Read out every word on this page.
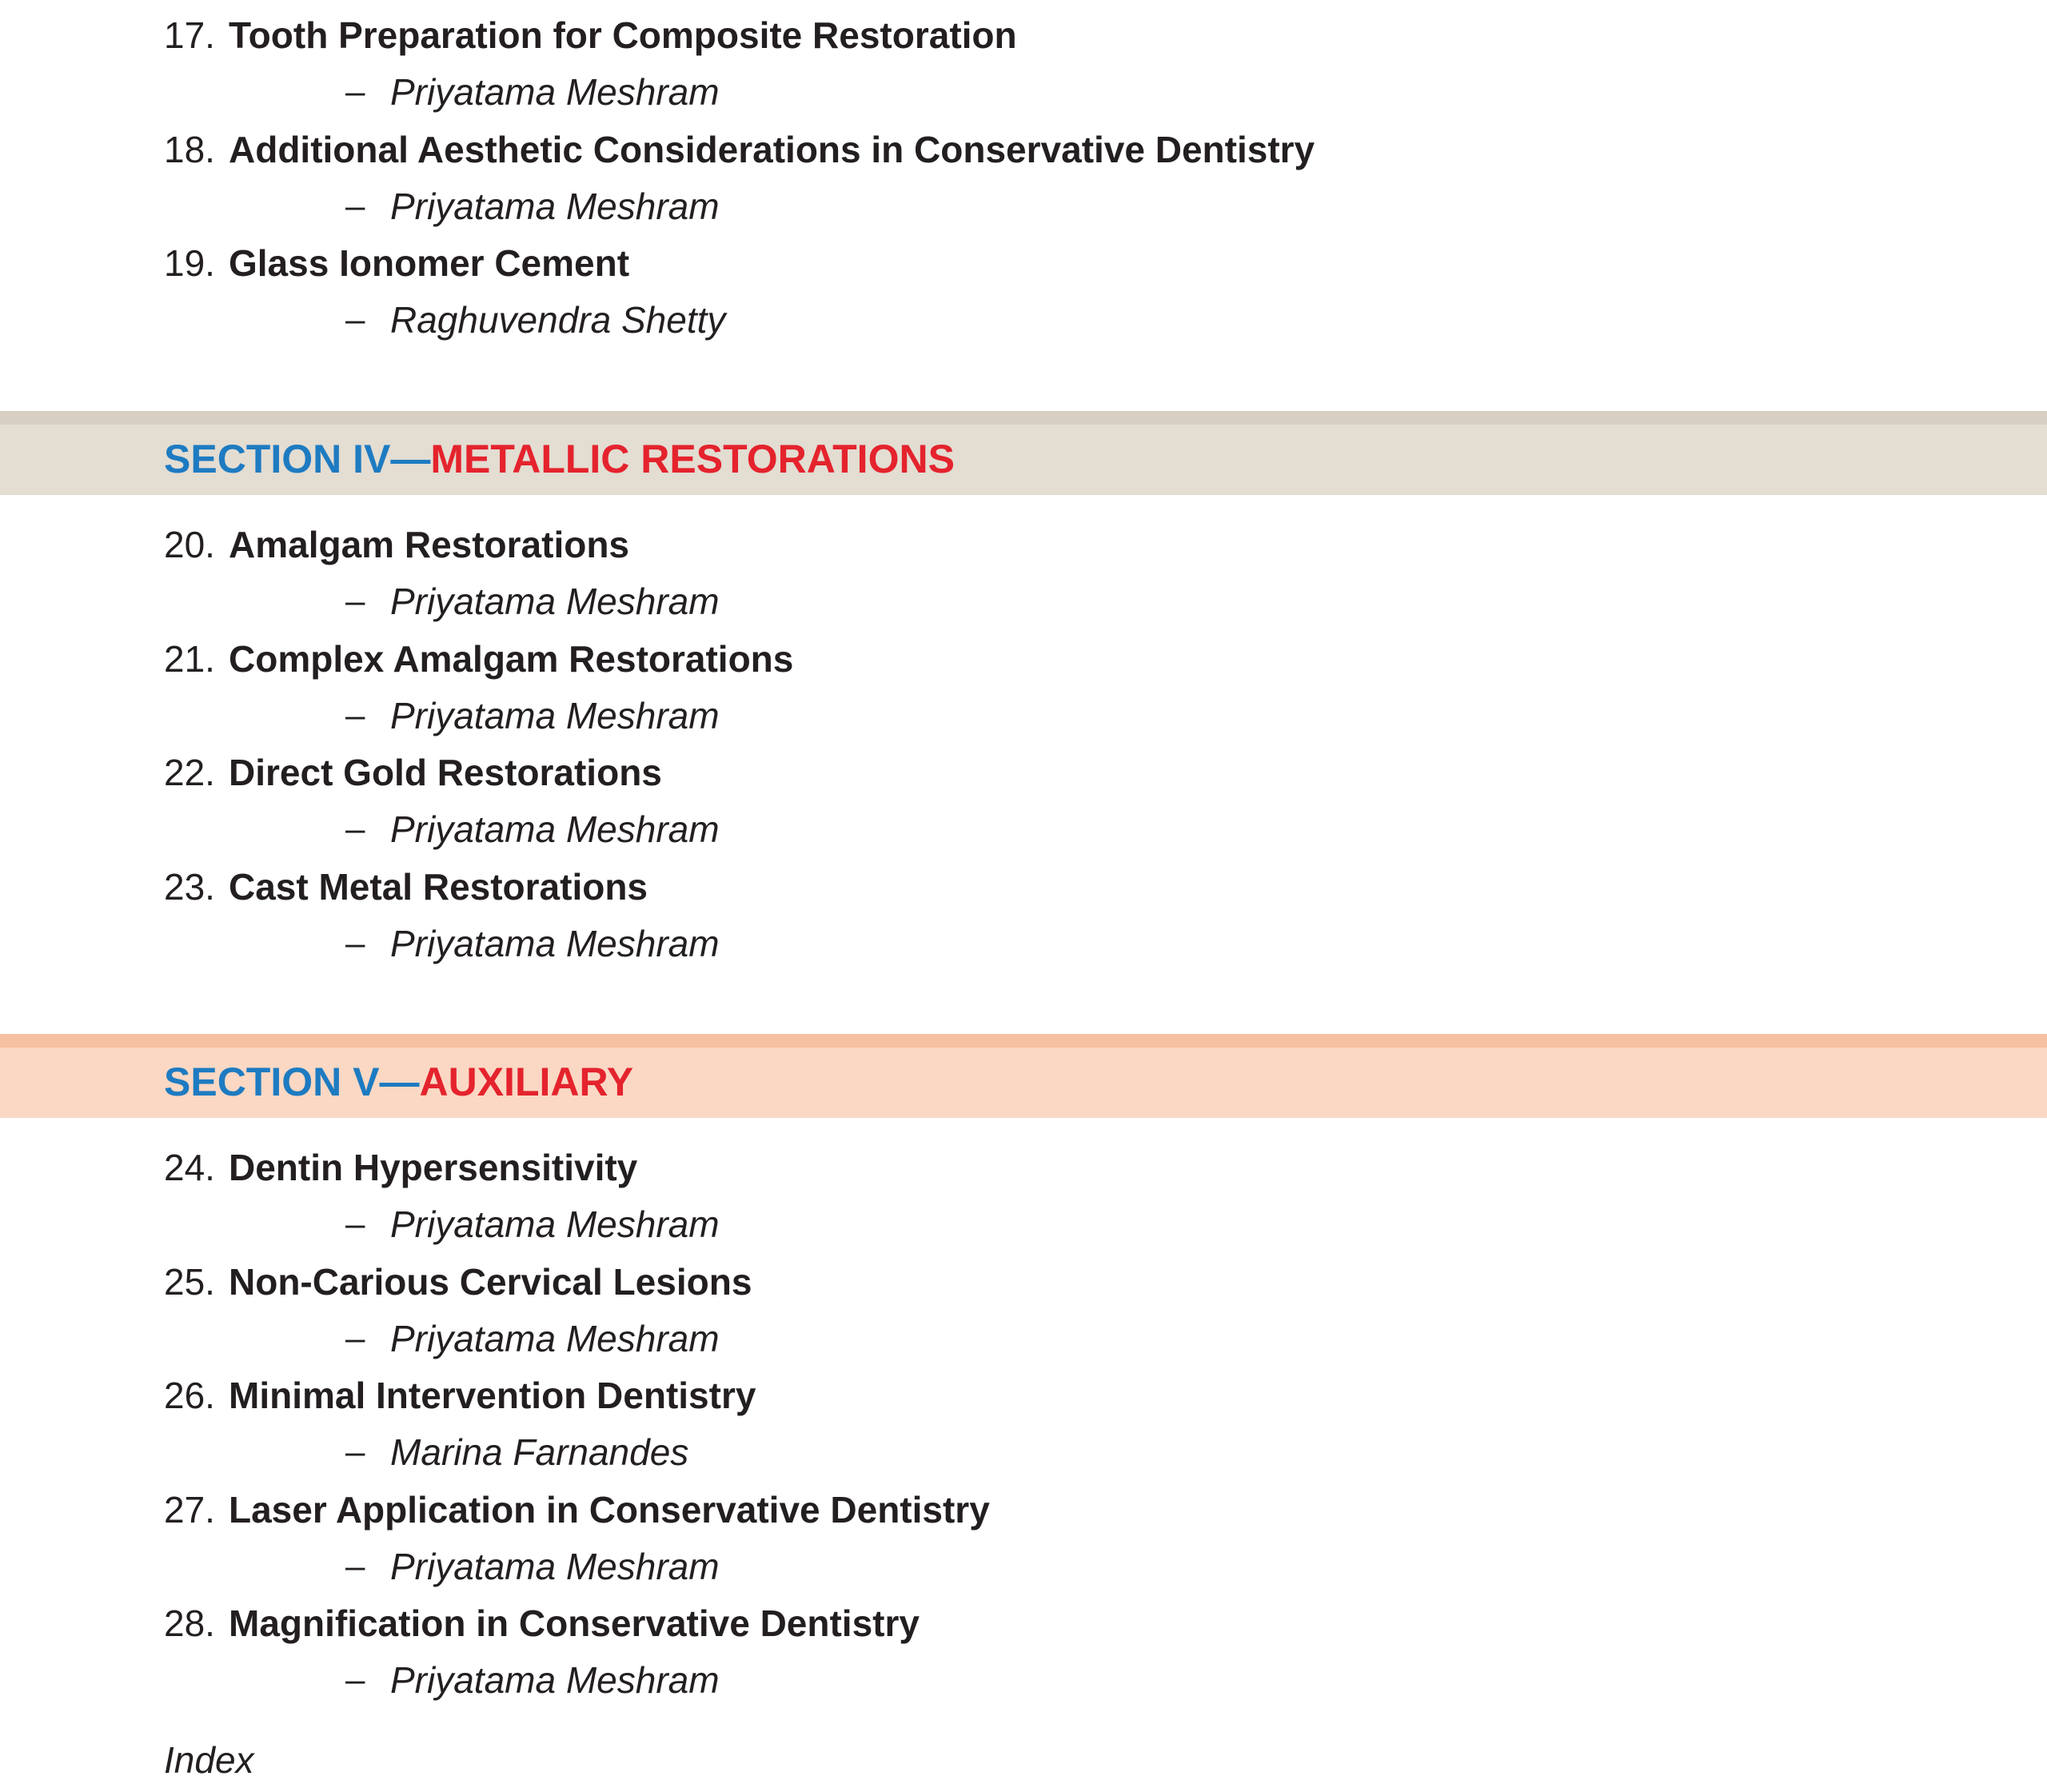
17. Tooth Preparation for Composite Restoration
– Priyatama Meshram
18. Additional Aesthetic Considerations in Conservative Dentistry
– Priyatama Meshram
19. Glass Ionomer Cement
– Raghuvendra Shetty
SECTION IV—METALLIC RESTORATIONS
20. Amalgam Restorations
– Priyatama Meshram
21. Complex Amalgam Restorations
– Priyatama Meshram
22. Direct Gold Restorations
– Priyatama Meshram
23. Cast Metal Restorations
– Priyatama Meshram
SECTION V—AUXILIARY
24. Dentin Hypersensitivity
– Priyatama Meshram
25. Non-Carious Cervical Lesions
– Priyatama Meshram
26. Minimal Intervention Dentistry
– Marina Farnandes
27. Laser Application in Conservative Dentistry
– Priyatama Meshram
28. Magnification in Conservative Dentistry
– Priyatama Meshram
Index
